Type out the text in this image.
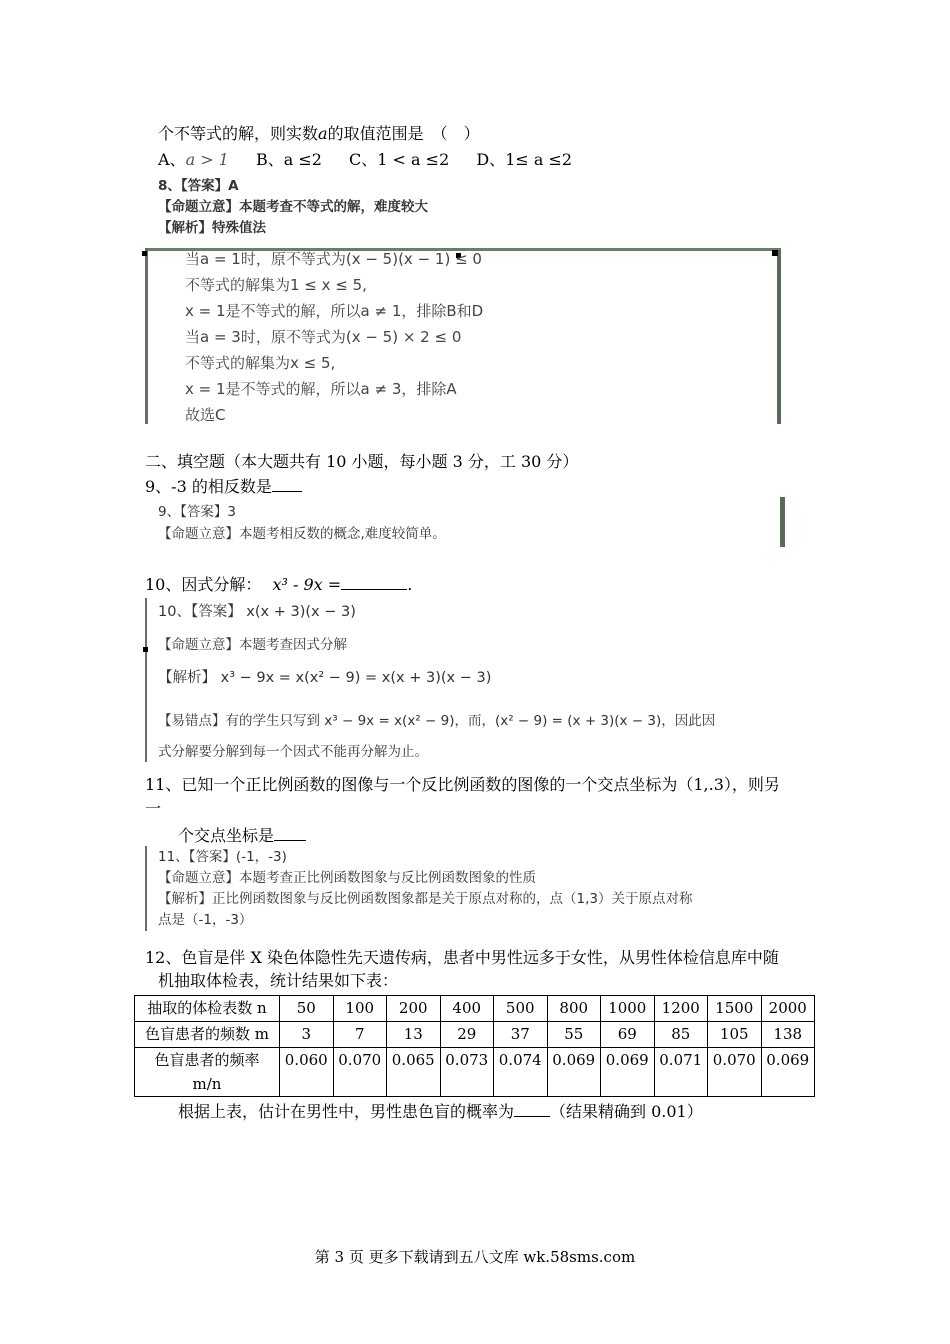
个不等式的解，则实数a的取值范围是　（　）
A、a > 1 B、a ≤2 C、1 < a ≤2 D、1≤ a ≤2
8、【答案】A
【命题立意】本题考查不等式的解，难度较大
【解析】特殊值法
当a = 1时，原不等式为(x − 5)(x − 1) ≤ 0
不等式的解集为1 ≤ x ≤ 5,
x = 1是不等式的解，所以a ≠ 1，排除B和D
当a = 3时，原不等式为(x − 5) × 2 ≤ 0
不等式的解集为x ≤ 5,
x = 1是不等式的解，所以a ≠ 3，排除A
故选C
二、填空题（本大题共有 10 小题，每小题 3 分，工 30 分）
9、-3 的相反数是
9、【答案】3
【命题立意】本题考相反数的概念,难度较简单。
10、因式分解： x³ - 9x =	.
10、【答案】 x(x + 3)(x − 3)
【命题立意】本题考查因式分解
【解析】 x³ − 9x = x(x² − 9) = x(x + 3)(x − 3)
【易错点】有的学生只写到 x³ − 9x = x(x² − 9)，而，(x² − 9) = (x + 3)(x − 3)，因此因
式分解要分解到每一个因式不能再分解为止。
11、已知一个正比例函数的图像与一个反比例函数的图像的一个交点坐标为（1,.3），则另
一
个交点坐标是
11、【答案】(-1，-3)
【命题立意】本题考查正比例函数图象与反比例函数图象的性质
【解析】正比例函数图象与反比例函数图象都是关于原点对称的，点（1,3）关于原点对称
点是（-1，-3）
12、色盲是伴 X 染色体隐性先天遗传病，患者中男性远多于女性，从男性体检信息库中随
机抽取体检表，统计结果如下表：
抽取的体检表数 n	50	100	200	400	500	800	1000	1200	1500	2000
色盲患者的频数 m	3	7	13	29	37	55	69	85	105	138

色盲患者的频率
m/n	0.060	0.070	0.065	0.073	0.074	0.069	0.069	0.071	0.070	0.069
根据上表，估计在男性中，男性患色盲的概率为 （结果精确到 0.01）
第 3 页 更多下载请到五八文库 wk.58sms.com
